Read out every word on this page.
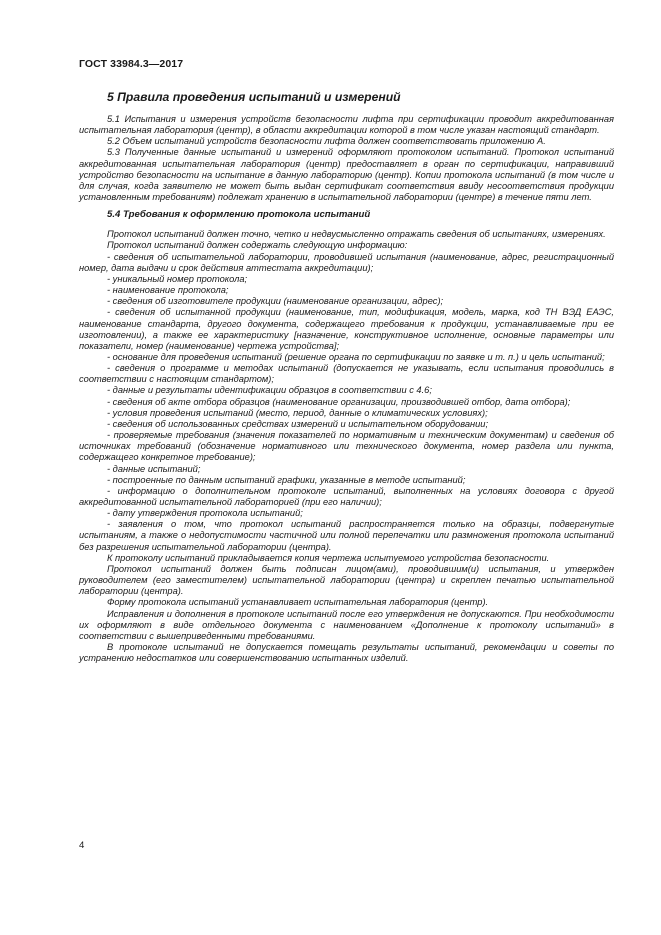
ГОСТ 33984.3—2017
5 Правила проведения испытаний и измерений

5.1 Испытания и измерения устройств безопасности лифта при сертификации проводит аккредитованная испытательная лаборатория (центр), в области аккредитации которой в том числе указан настоящий стандарт.

5.2 Объем испытаний устройств безопасности лифта должен соответствовать приложению А.

5.3 Полученные данные испытаний и измерений оформляют протоколом испытаний. Протокол испытаний аккредитованная испытательная лаборатория (центр) предоставляет в орган по сертификации, направивший устройство безопасности на испытание в данную лабораторию (центр). Копии протокола испытаний (в том числе и для случая, когда заявителю не может быть выдан сертификат соответствия ввиду несоответствия продукции установленным требованиям) подлежат хранению в испытательной лаборатории (центре) в течение пяти лет.

5.4 Требования к оформлению протокола испытаний

Протокол испытаний должен точно, четко и недвусмысленно отражать сведения об испытаниях, измерениях.

Протокол испытаний должен содержать следующую информацию:

- сведения об испытательной лаборатории, проводившей испытания (наименование, адрес, регистрационный номер, дата выдачи и срок действия аттестата аккредитации);

- уникальный номер протокола;

- наименование протокола;

- сведения об изготовителе продукции (наименование организации, адрес);

- сведения об испытанной продукции (наименование, тип, модификация, модель, марка, код ТН ВЭД ЕАЭС, наименование стандарта, другого документа, содержащего требования к продукции, устанавливаемые при ее изготовлении), а также ее характеристику [назначение, конструктивное исполнение, основные параметры или показатели, номер (наименование) чертежа устройства];

- основание для проведения испытаний (решение органа по сертификации по заявке и т. п.) и цель испытаний;

- сведения о программе и методах испытаний (допускается не указывать, если испытания проводились в соответствии с настоящим стандартом);

- данные и результаты идентификации образцов в соответствии с 4.6;

- сведения об акте отбора образцов (наименование организации, производившей отбор, дата отбора);

- условия проведения испытаний (место, период, данные о климатических условиях);

- сведения об использованных средствах измерений и испытательном оборудовании;

- проверяемые требования (значения показателей по нормативным и техническим документам) и сведения об источниках требований (обозначение нормативного или технического документа, номер раздела или пункта, содержащего конкретное требование);

- данные испытаний;

- построенные по данным испытаний графики, указанные в методе испытаний;

- информацию о дополнительном протоколе испытаний, выполненных на условиях договора с другой аккредитованной испытательной лабораторией (при его наличии);

- дату утверждения протокола испытаний;

- заявления о том, что протокол испытаний распространяется только на образцы, подвергнутые испытаниям, а также о недопустимости частичной или полной перепечатки или размножения протокола испытаний без разрешения испытательной лаборатории (центра).

К протоколу испытаний прикладывается копия чертежа испытуемого устройства безопасности.

Протокол испытаний должен быть подписан лицом(ами), проводившим(и) испытания, и утвержден руководителем (его заместителем) испытательной лаборатории (центра) и скреплен печатью испытательной лаборатории (центра).

Форму протокола испытаний устанавливает испытательная лаборатория (центр).

Исправления и дополнения в протоколе испытаний после его утверждения не допускаются. При необходимости их оформляют в виде отдельного документа с наименованием «Дополнение к протоколу испытаний» в соответствии с вышеприведенными требованиями.

В протоколе испытаний не допускается помещать результаты испытаний, рекомендации и советы по устранению недостатков или совершенствованию испытанных изделий.

4
